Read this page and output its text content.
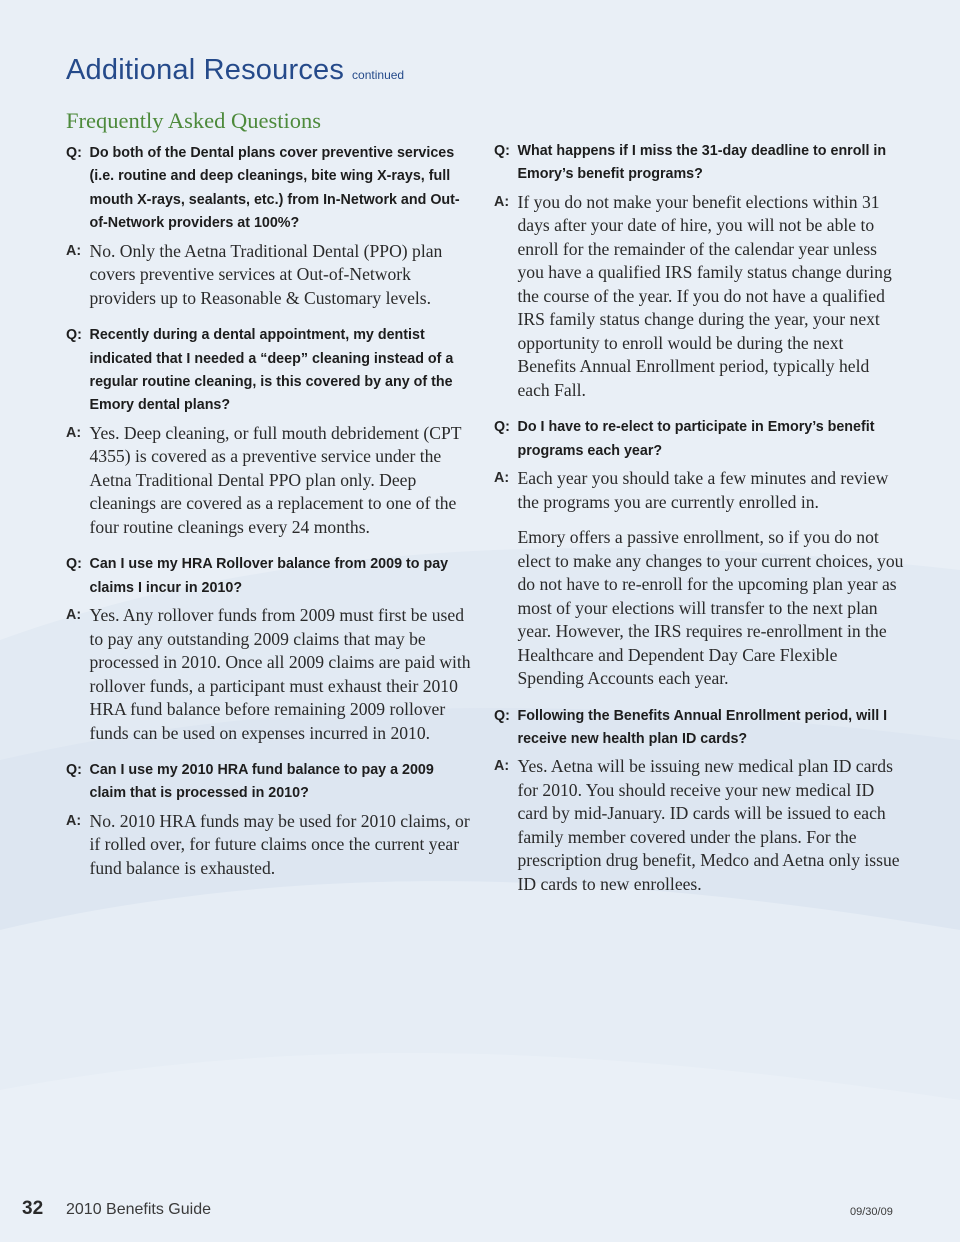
Additional Resources continued
Frequently Asked Questions
Q: Do both of the Dental plans cover preventive services (i.e. routine and deep cleanings, bite wing X-rays, full mouth X-rays, sealants, etc.) from In-Network and Out-of-Network providers at 100%?
A: No. Only the Aetna Traditional Dental (PPO) plan covers preventive services at Out-of-Network providers up to Reasonable & Customary levels.
Q: Recently during a dental appointment, my dentist indicated that I needed a “deep” cleaning instead of a regular routine cleaning, is this covered by any of the Emory dental plans?
A: Yes. Deep cleaning, or full mouth debridement (CPT 4355) is covered as a preventive service under the Aetna Traditional Dental PPO plan only. Deep cleanings are covered as a replacement to one of the four routine cleanings every 24 months.
Q: Can I use my HRA Rollover balance from 2009 to pay claims I incur in 2010?
A: Yes. Any rollover funds from 2009 must first be used to pay any outstanding 2009 claims that may be processed in 2010. Once all 2009 claims are paid with rollover funds, a participant must exhaust their 2010 HRA fund balance before remaining 2009 rollover funds can be used on expenses incurred in 2010.
Q: Can I use my 2010 HRA fund balance to pay a 2009 claim that is processed in 2010?
A: No. 2010 HRA funds may be used for 2010 claims, or if rolled over, for future claims once the current year fund balance is exhausted.
Q: What happens if I miss the 31-day deadline to enroll in Emory’s benefit programs?
A: If you do not make your benefit elections within 31 days after your date of hire, you will not be able to enroll for the remainder of the calendar year unless you have a qualified IRS family status change during the course of the year. If you do not have a qualified IRS family status change during the year, your next opportunity to enroll would be during the next Benefits Annual Enrollment period, typically held each Fall.
Q: Do I have to re-elect to participate in Emory’s benefit programs each year?
A: Each year you should take a few minutes and review the programs you are currently enrolled in.
Emory offers a passive enrollment, so if you do not elect to make any changes to your current choices, you do not have to re-enroll for the upcoming plan year as most of your elections will transfer to the next plan year. However, the IRS requires re-enrollment in the Healthcare and Dependent Day Care Flexible Spending Accounts each year.
Q: Following the Benefits Annual Enrollment period, will I receive new health plan ID cards?
A: Yes. Aetna will be issuing new medical plan ID cards for 2010. You should receive your new medical ID card by mid-January. ID cards will be issued to each family member covered under the plans. For the prescription drug benefit, Medco and Aetna only issue ID cards to new enrollees.
32 2010 Benefits Guide	09/30/09
